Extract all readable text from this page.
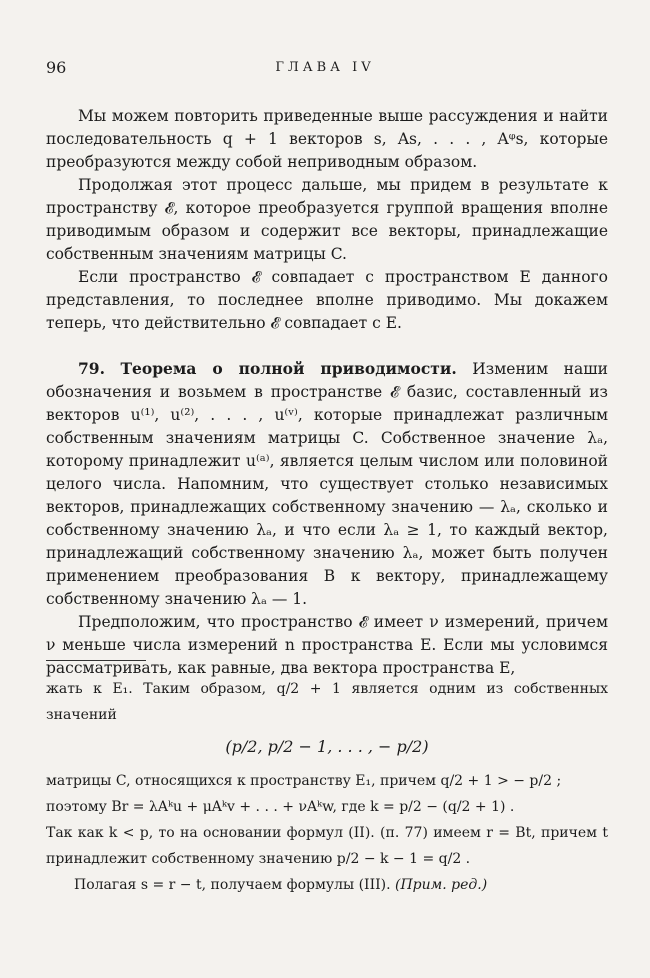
96	ГЛАВА IV

Мы можем повторить приведенные выше рассуждения и найти последовательность q + 1 векторов s, As, . . . , Aᵠs, которые преобразуются между собой неприводным образом.

Продолжая этот процесс дальше, мы придем в результате к пространству 𝓔, которое преобразуется группой вращения вполне приводимым образом и содержит все векторы, принадлежащие собственным значениям матрицы C.

Если пространство 𝓔 совпадает с пространством E данного представления, то последнее вполне приводимо. Мы докажем теперь, что действительно 𝓔 совпадает с E.

79. Теорема о полной приводимости. Изменим наши обозначения и возьмем в пространстве 𝓔 базис, составленный из векторов u⁽¹⁾, u⁽²⁾, . . . , u⁽ᵛ⁾, которые принадлежат различным собственным значениям матрицы C. Собственное значение λₐ, которому принадлежит u⁽ᵃ⁾, является целым числом или половиной целого числа. Напомним, что существует столько независимых векторов, принадлежащих собственному значению — λₐ, сколько и собственному значению λₐ, и что если λₐ ≥ 1, то каждый вектор, принадлежащий собственному значению λₐ, может быть получен применением преобразования B к вектору, принадлежащему собственному значению λₐ — 1.

Предположим, что пространство 𝓔 имеет ν измерений, причем ν меньше числа измерений n пространства E. Если мы условимся рассматривать, как равные, два вектора пространства E,

жать к E₁. Таким образом, q/2 + 1 является одним из собственных значений

(p/2, p/2 − 1, . . . , − p/2)

матрицы C, относящихся к пространству E₁, причем q/2 + 1 > − p/2 ;

поэтому Br = λAᵏu + μAᵏv + . . . + νAᵏw, где k = p/2 − (q/2 + 1) .

Так как k < p, то на основании формул (II). (п. 77) имеем r = Bt, причем t принадлежит собственному значению p/2 − k − 1 = q/2 .

Полагая s = r − t, получаем формулы (III). (Прим. ред.)
